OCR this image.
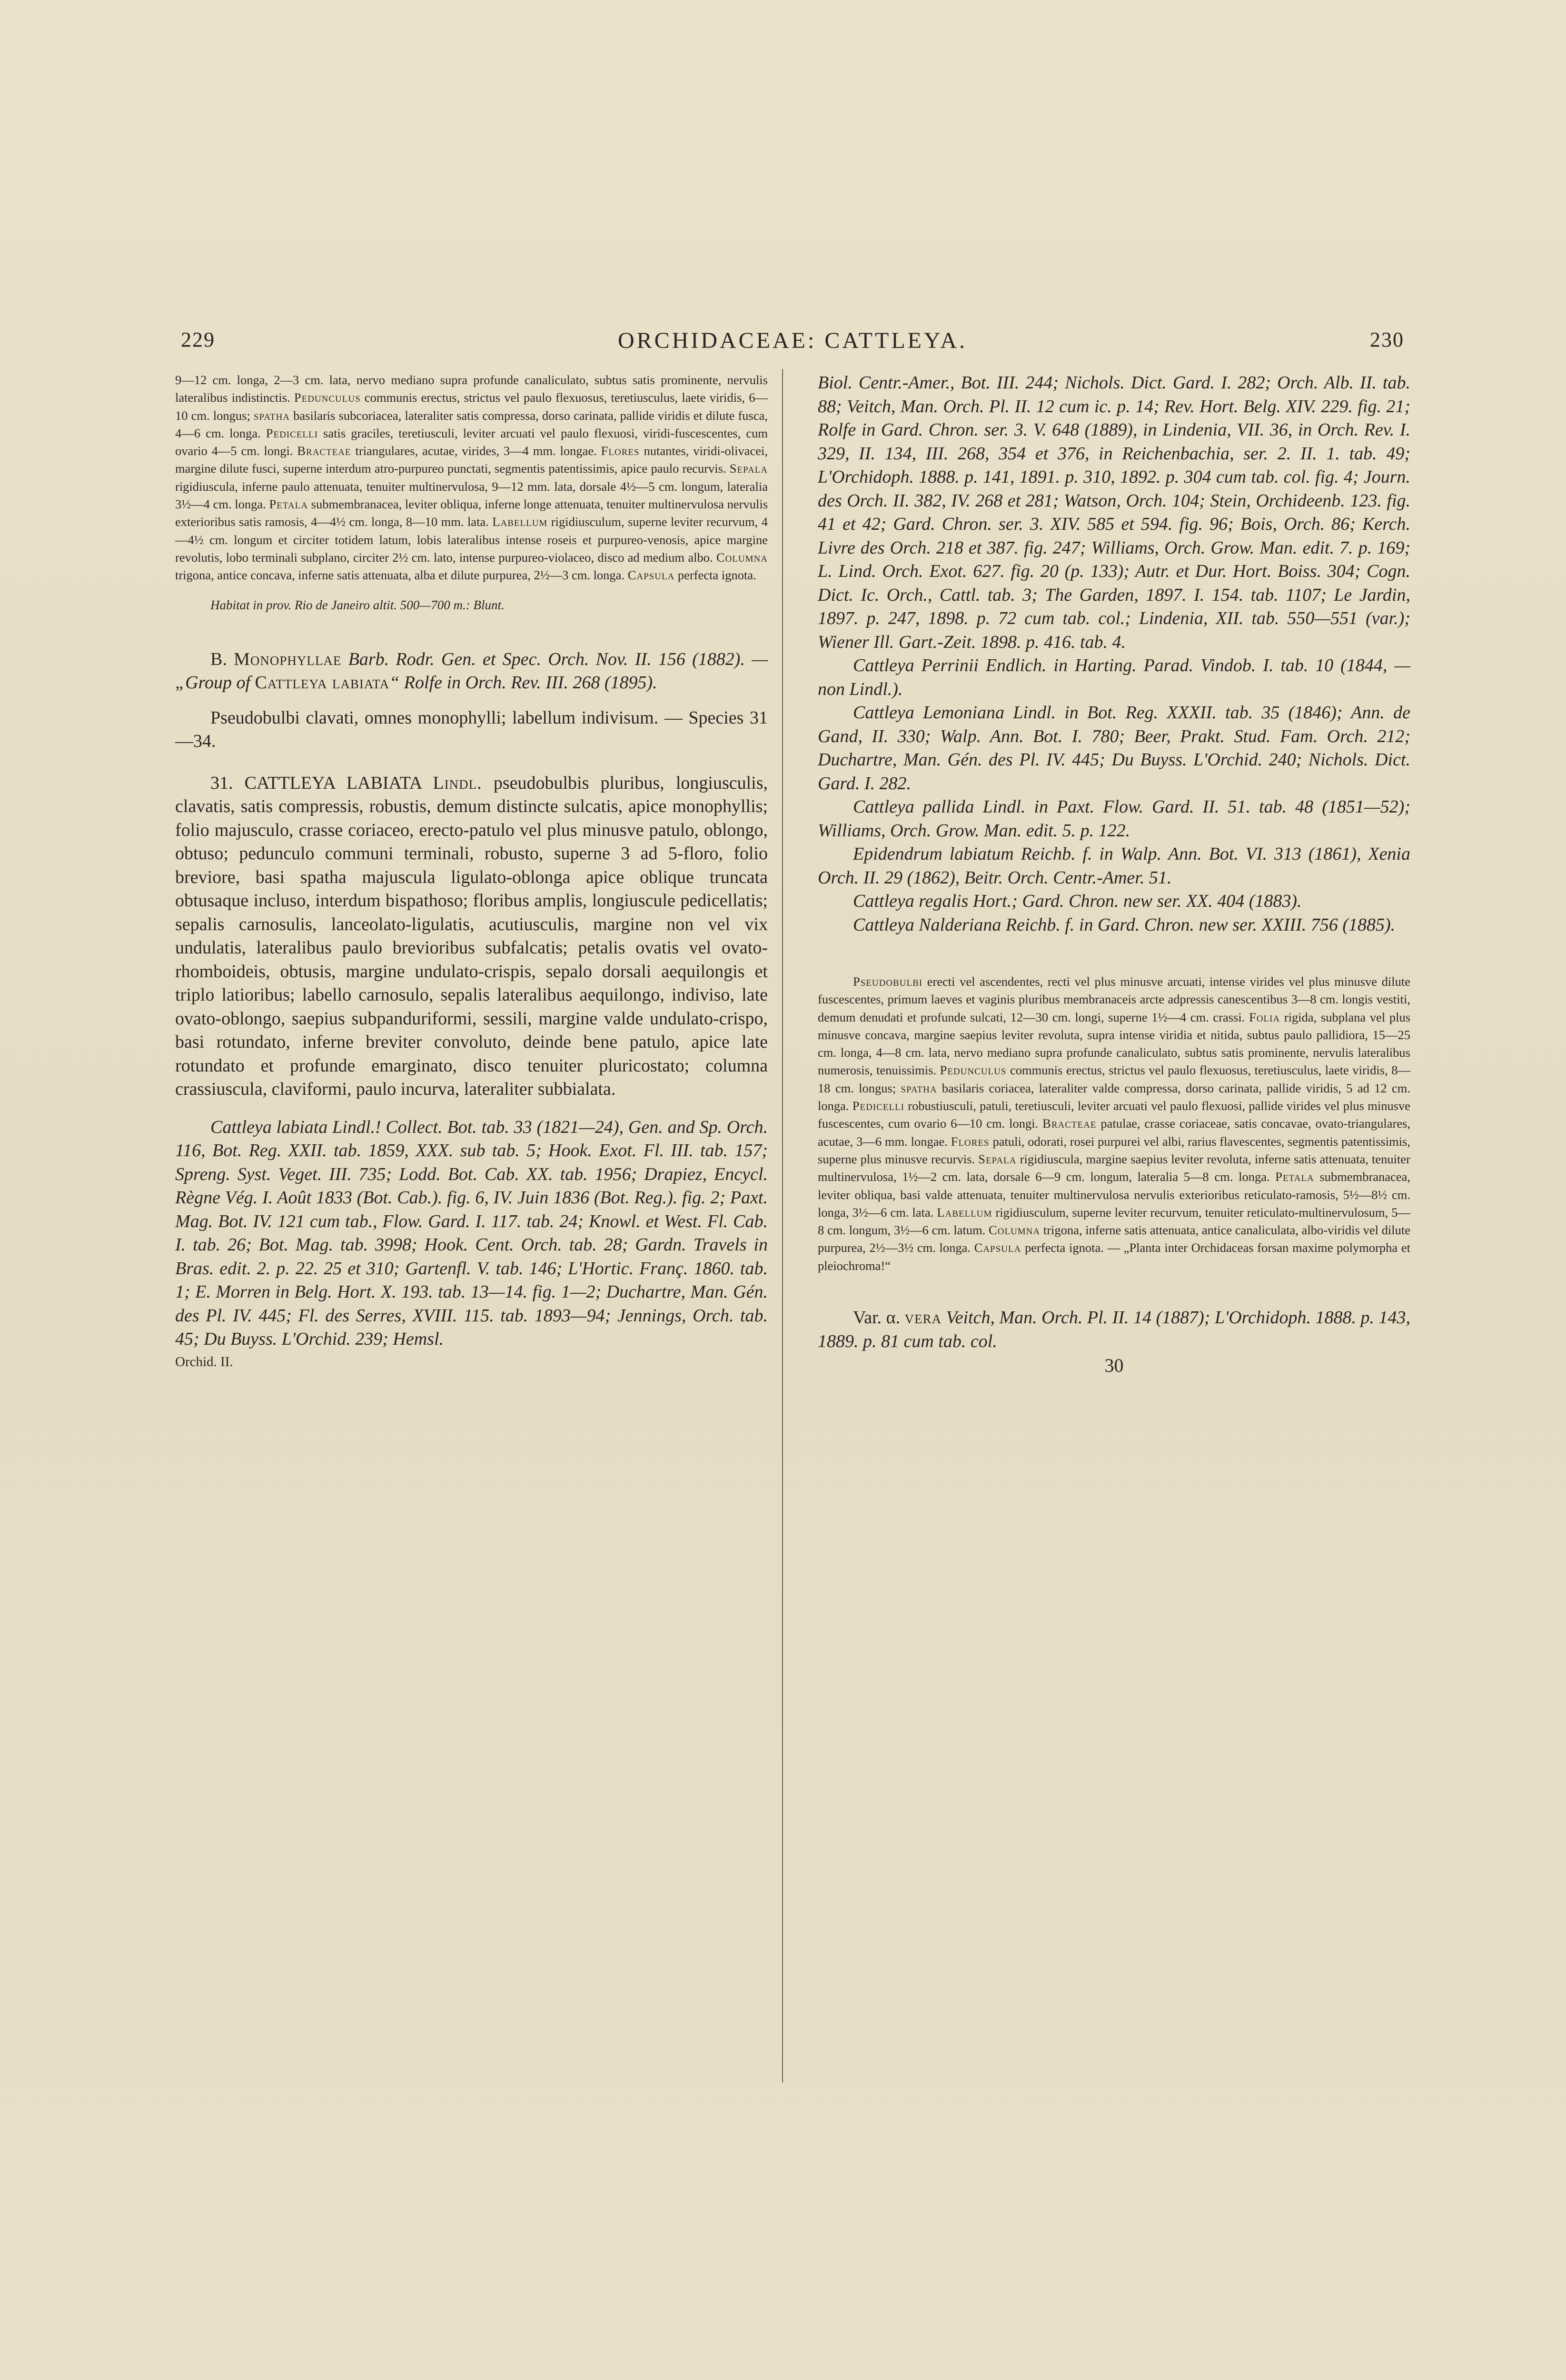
229	ORCHIDACEAE: CATTLEYA.	230

9—12 cm. longa, 2—3 cm. lata, nervo mediano supra profunde canaliculato, subtus satis prominente, nervulis lateralibus indistinctis. Pedunculus communis erectus, strictus vel paulo flexuosus, teretiusculus, laete viridis, 6—10 cm. longus; spatha basilaris subcoriacea, lateraliter satis compressa, dorso carinata, pallide viridis et dilute fusca, 4—6 cm. longa. Pedicelli satis graciles, teretiusculi, leviter arcuati vel paulo flexuosi, viridi-fuscescentes, cum ovario 4—5 cm. longi. Bracteae triangulares, acutae, virides, 3—4 mm. longae. Flores nutantes, viridi-olivacei, margine dilute fusci, superne interdum atro-purpureo punctati, segmentis patentissimis, apice paulo recurvis. Sepala rigidiuscula, inferne paulo attenuata, tenuiter multinervulosa, 9—12 mm. lata, dorsale 4½—5 cm. longum, lateralia 3½—4 cm. longa. Petala submembranacea, leviter obliqua, inferne longe attenuata, tenuiter multinervulosa nervulis exterioribus satis ramosis, 4—4½ cm. longa, 8—10 mm. lata. Labellum rigidiusculum, superne leviter recurvum, 4—4½ cm. longum et circiter totidem latum, lobis lateralibus intense roseis et purpureo-venosis, apice margine revolutis, lobo terminali subplano, circiter 2½ cm. lato, intense purpureo-violaceo, disco ad medium albo. Columna trigona, antice concava, inferne satis attenuata, alba et dilute purpurea, 2½—3 cm. longa. Capsula perfecta ignota.

Habitat in prov. Rio de Janeiro altit. 500—700 m.: Blunt.

B. Monophyllae Barb. Rodr. Gen. et Spec. Orch. Nov. II. 156 (1882). — „Group of Cattleya labiata“ Rolfe in Orch. Rev. III. 268 (1895).

Pseudobulbi clavati, omnes monophylli; labellum indivisum. — Species 31—34.

31. CATTLEYA LABIATA Lindl. pseudobulbis pluribus, longiusculis, clavatis, satis compressis, robustis, demum distincte sulcatis, apice monophyllis; folio majusculo, crasse coriaceo, erecto-patulo vel plus minusve patulo, oblongo, obtuso; pedunculo communi terminali, robusto, superne 3 ad 5-floro, folio breviore, basi spatha majuscula ligulato-oblonga apice oblique truncata obtusaque incluso, interdum bispathoso; floribus amplis, longiuscule pedicellatis; sepalis carnosulis, lanceolato-ligulatis, acutiusculis, margine non vel vix undulatis, lateralibus paulo brevioribus subfalcatis; petalis ovatis vel ovato-rhomboideis, obtusis, margine undulato-crispis, sepalo dorsali aequilongis et triplo latioribus; labello carnosulo, sepalis lateralibus aequilongo, indiviso, late ovato-oblongo, saepius subpanduriformi, sessili, margine valde undulato-crispo, basi rotundato, inferne breviter convoluto, deinde bene patulo, apice late rotundato et profunde emarginato, disco tenuiter pluricostato; columna crassiuscula, claviformi, paulo incurva, lateraliter subbialata.

Cattleya labiata Lindl.! Collect. Bot. tab. 33 (1821—24), Gen. and Sp. Orch. 116, Bot. Reg. XXII. tab. 1859, XXX. sub tab. 5; Hook. Exot. Fl. III. tab. 157; Spreng. Syst. Veget. III. 735; Lodd. Bot. Cab. XX. tab. 1956; Drapiez, Encycl. Règne Vég. I. Août 1833 (Bot. Cab.). fig. 6, IV. Juin 1836 (Bot. Reg.). fig. 2; Paxt. Mag. Bot. IV. 121 cum tab., Flow. Gard. I. 117. tab. 24; Knowl. et West. Fl. Cab. I. tab. 26; Bot. Mag. tab. 3998; Hook. Cent. Orch. tab. 28; Gardn. Travels in Bras. edit. 2. p. 22. 25 et 310; Gartenfl. V. tab. 146; L'Hortic. Franç. 1860. tab. 1; E. Morren in Belg. Hort. X. 193. tab. 13—14. fig. 1—2; Duchartre, Man. Gén. des Pl. IV. 445; Fl. des Serres, XVIII. 115. tab. 1893—94; Jennings, Orch. tab. 45; Du Buyss. L'Orchid. 239; Hemsl.

Orchid. II.

Biol. Centr.-Amer., Bot. III. 244; Nichols. Dict. Gard. I. 282; Orch. Alb. II. tab. 88; Veitch, Man. Orch. Pl. II. 12 cum ic. p. 14; Rev. Hort. Belg. XIV. 229. fig. 21; Rolfe in Gard. Chron. ser. 3. V. 648 (1889), in Lindenia, VII. 36, in Orch. Rev. I. 329, II. 134, III. 268, 354 et 376, in Reichenbachia, ser. 2. II. 1. tab. 49; L'Orchidoph. 1888. p. 141, 1891. p. 310, 1892. p. 304 cum tab. col. fig. 4; Journ. des Orch. II. 382, IV. 268 et 281; Watson, Orch. 104; Stein, Orchideenb. 123. fig. 41 et 42; Gard. Chron. ser. 3. XIV. 585 et 594. fig. 96; Bois, Orch. 86; Kerch. Livre des Orch. 218 et 387. fig. 247; Williams, Orch. Grow. Man. edit. 7. p. 169; L. Lind. Orch. Exot. 627. fig. 20 (p. 133); Autr. et Dur. Hort. Boiss. 304; Cogn. Dict. Ic. Orch., Cattl. tab. 3; The Garden, 1897. I. 154. tab. 1107; Le Jardin, 1897. p. 247, 1898. p. 72 cum tab. col.; Lindenia, XII. tab. 550—551 (var.); Wiener Ill. Gart.-Zeit. 1898. p. 416. tab. 4.

Cattleya Perrinii Endlich. in Harting. Parad. Vindob. I. tab. 10 (1844, — non Lindl.).

Cattleya Lemoniana Lindl. in Bot. Reg. XXXII. tab. 35 (1846); Ann. de Gand, II. 330; Walp. Ann. Bot. I. 780; Beer, Prakt. Stud. Fam. Orch. 212; Duchartre, Man. Gén. des Pl. IV. 445; Du Buyss. L'Orchid. 240; Nichols. Dict. Gard. I. 282.

Cattleya pallida Lindl. in Paxt. Flow. Gard. II. 51. tab. 48 (1851—52); Williams, Orch. Grow. Man. edit. 5. p. 122.

Epidendrum labiatum Reichb. f. in Walp. Ann. Bot. VI. 313 (1861), Xenia Orch. II. 29 (1862), Beitr. Orch. Centr.-Amer. 51.

Cattleya regalis Hort.; Gard. Chron. new ser. XX. 404 (1883).

Cattleya Nalderiana Reichb. f. in Gard. Chron. new ser. XXIII. 756 (1885).

Pseudobulbi erecti vel ascendentes, recti vel plus minusve arcuati, intense virides vel plus minusve dilute fuscescentes, primum laeves et vaginis pluribus membranaceis arcte adpressis canescentibus 3—8 cm. longis vestiti, demum denudati et profunde sulcati, 12—30 cm. longi, superne 1½—4 cm. crassi. Folia rigida, subplana vel plus minusve concava, margine saepius leviter revoluta, supra intense viridia et nitida, subtus paulo pallidiora, 15—25 cm. longa, 4—8 cm. lata, nervo mediano supra profunde canaliculato, subtus satis prominente, nervulis lateralibus numerosis, tenuissimis. Pedunculus communis erectus, strictus vel paulo flexuosus, teretiusculus, laete viridis, 8—18 cm. longus; spatha basilaris coriacea, lateraliter valde compressa, dorso carinata, pallide viridis, 5 ad 12 cm. longa. Pedicelli robustiusculi, patuli, teretiusculi, leviter arcuati vel paulo flexuosi, pallide virides vel plus minusve fuscescentes, cum ovario 6—10 cm. longi. Bracteae patulae, crasse coriaceae, satis concavae, ovato-triangulares, acutae, 3—6 mm. longae. Flores patuli, odorati, rosei purpurei vel albi, rarius flavescentes, segmentis patentissimis, superne plus minusve recurvis. Sepala rigidiuscula, margine saepius leviter revoluta, inferne satis attenuata, tenuiter multinervulosa, 1½—2 cm. lata, dorsale 6—9 cm. longum, lateralia 5—8 cm. longa. Petala submembranacea, leviter obliqua, basi valde attenuata, tenuiter multinervulosa nervulis exterioribus reticulato-ramosis, 5½—8½ cm. longa, 3½—6 cm. lata. Labellum rigidiusculum, superne leviter recurvum, tenuiter reticulato-multinervulosum, 5—8 cm. longum, 3½—6 cm. latum. Columna trigona, inferne satis attenuata, antice canaliculata, albo-viridis vel dilute purpurea, 2½—3½ cm. longa. Capsula perfecta ignota. — „Planta inter Orchidaceas forsan maxime polymorpha et pleiochroma!“

Var. α. vera Veitch, Man. Orch. Pl. II. 14 (1887); L'Orchidoph. 1888. p. 143, 1889. p. 81 cum tab. col.

30
